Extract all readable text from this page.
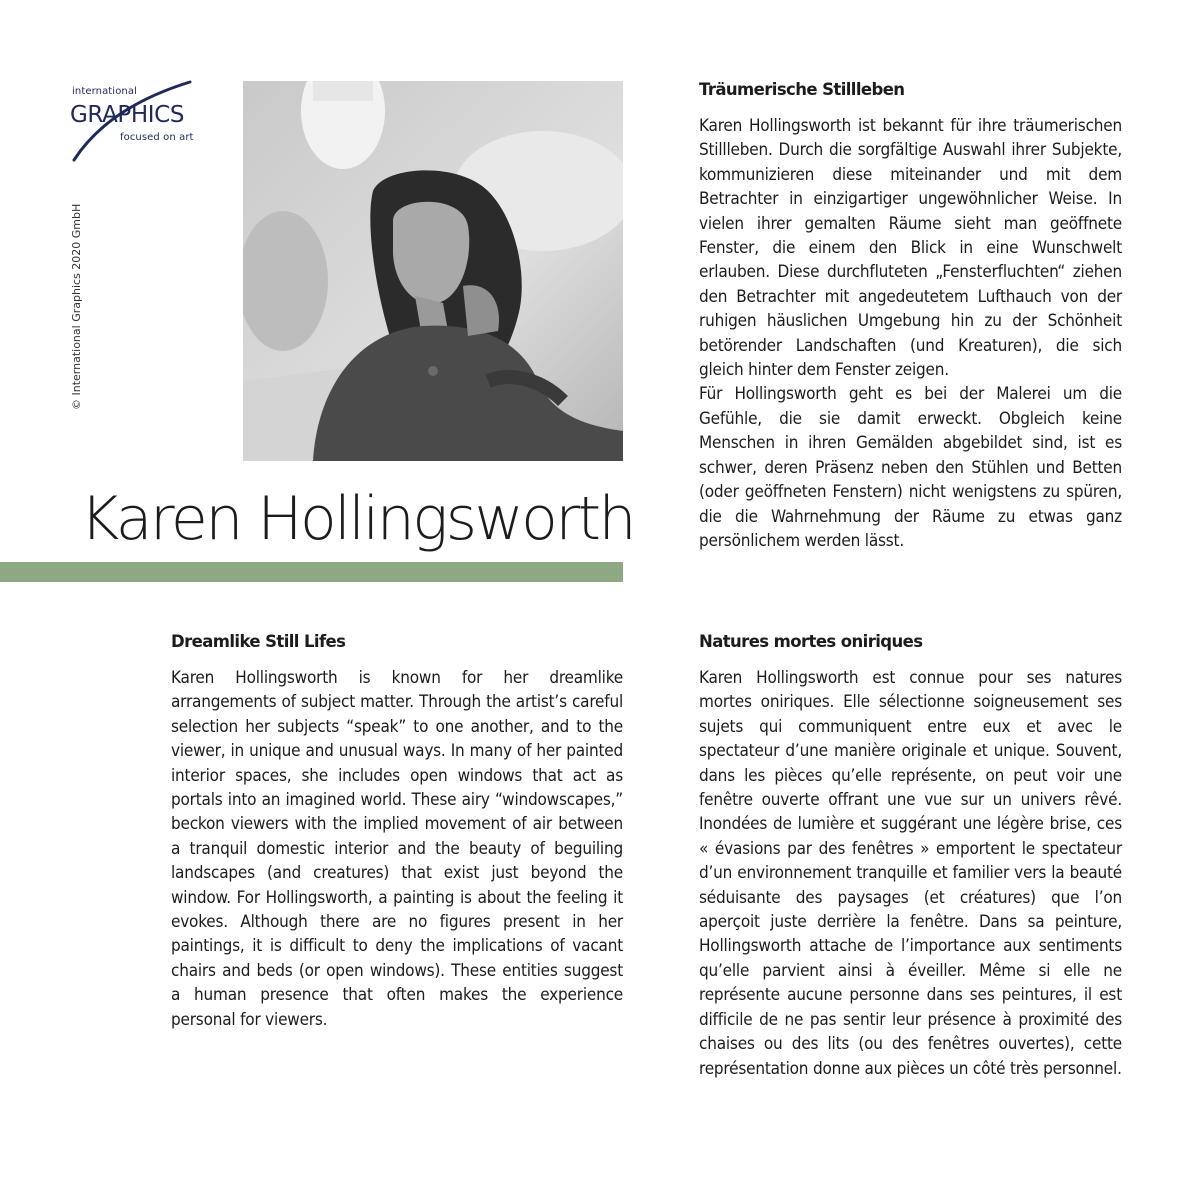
international
GRAPHICS
focused on art
© International Graphics 2020 GmbH
Karen Hollingsworth
Träumerische Stillleben

Karen Hollingsworth ist bekannt für ihre träumerischen Stillleben. Durch die sorgfältige Auswahl ihrer Subjekte, kommunizieren diese miteinander und mit dem Betrachter in einzigartiger ungewöhnlicher Weise. In vielen ihrer gemalten Räume sieht man geöffnete Fenster, die einem den Blick in eine Wunschwelt erlauben. Diese durchfluteten „Fensterfluchten“ ziehen den Betrachter mit angedeutetem Lufthauch von der ruhigen häuslichen Umgebung hin zu der Schönheit betörender Landschaften (und Kreaturen), die sich gleich hinter dem Fenster zeigen.

Für Hollingsworth geht es bei der Malerei um die Gefühle, die sie damit erweckt. Obgleich keine Menschen in ihren Gemälden abgebildet sind, ist es schwer, deren Präsenz neben den Stühlen und Betten (oder geöffneten Fenstern) nicht wenigstens zu spüren, die die Wahrnehmung der Räume zu etwas ganz persönlichem werden lässt.

Dreamlike Still Lifes

Karen Hollingsworth is known for her dreamlike arrangements of subject matter. Through the artist’s careful selection her subjects “speak” to one another, and to the viewer, in unique and unusual ways. In many of her painted interior spaces, she includes open windows that act as portals into an imagined world. These airy “windowscapes,” beckon viewers with the implied movement of air between a tranquil domestic interior and the beauty of beguiling landscapes (and creatures) that exist just beyond the window. For Hollingsworth, a painting is about the feeling it evokes. Although there are no figures present in her paintings, it is difficult to deny the implications of vacant chairs and beds (or open windows). These entities suggest a human presence that often makes the experience personal for viewers.

Natures mortes oniriques

Karen Hollingsworth est connue pour ses natures mortes oniriques. Elle sélectionne soigneusement ses sujets qui communiquent entre eux et avec le spectateur d’une manière originale et unique. Souvent, dans les pièces qu’elle représente, on peut voir une fenêtre ouverte offrant une vue sur un univers rêvé. Inondées de lumière et suggérant une légère brise, ces « évasions par des fenêtres » emportent le spectateur d’un environnement tranquille et familier vers la beauté séduisante des paysages (et créatures) que l’on aperçoit juste derrière la fenêtre. Dans sa peinture, Hollingsworth attache de l’importance aux sentiments qu’elle parvient ainsi à éveiller. Même si elle ne représente aucune personne dans ses peintures, il est difficile de ne pas sentir leur présence à proximité des chaises ou des lits (ou des fenêtres ouvertes), cette représentation donne aux pièces un côté très personnel.
